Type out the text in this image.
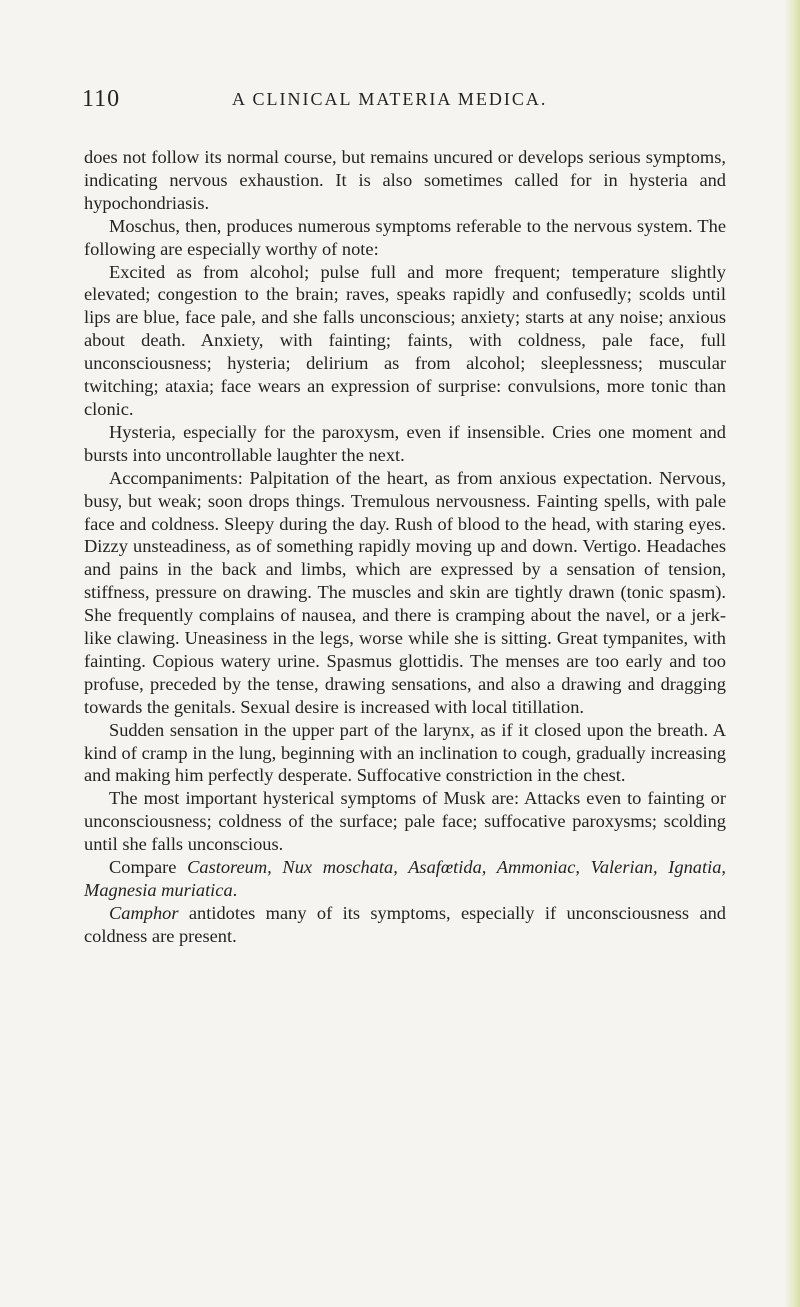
110	A CLINICAL MATERIA MEDICA.

does not follow its normal course, but remains uncured or develops serious symptoms, indicating nervous exhaustion. It is also sometimes called for in hysteria and hypochondriasis.

Moschus, then, produces numerous symptoms referable to the nervous system. The following are especially worthy of note:

Excited as from alcohol; pulse full and more frequent; temperature slightly elevated; congestion to the brain; raves, speaks rapidly and confusedly; scolds until lips are blue, face pale, and she falls unconscious; anxiety; starts at any noise; anxious about death. Anxiety, with fainting; faints, with coldness, pale face, full unconsciousness; hysteria; delirium as from alcohol; sleeplessness; muscular twitching; ataxia; face wears an expression of surprise: convulsions, more tonic than clonic.

Hysteria, especially for the paroxysm, even if insensible. Cries one moment and bursts into uncontrollable laughter the next.

Accompaniments: Palpitation of the heart, as from anxious expectation. Nervous, busy, but weak; soon drops things. Tremulous nervousness. Fainting spells, with pale face and coldness. Sleepy during the day. Rush of blood to the head, with staring eyes. Dizzy unsteadiness, as of something rapidly moving up and down. Vertigo. Headaches and pains in the back and limbs, which are expressed by a sensation of tension, stiffness, pressure on drawing. The muscles and skin are tightly drawn (tonic spasm). She frequently complains of nausea, and there is cramping about the navel, or a jerk-like clawing. Uneasiness in the legs, worse while she is sitting. Great tympanites, with fainting. Copious watery urine. Spasmus glottidis. The menses are too early and too profuse, preceded by the tense, drawing sensations, and also a drawing and dragging towards the genitals. Sexual desire is increased with local titillation.

Sudden sensation in the upper part of the larynx, as if it closed upon the breath. A kind of cramp in the lung, beginning with an inclination to cough, gradually increasing and making him perfectly desperate. Suffocative constriction in the chest.

The most important hysterical symptoms of Musk are: Attacks even to fainting or unconsciousness; coldness of the surface; pale face; suffocative paroxysms; scolding until she falls unconscious.

Compare Castoreum, Nux moschata, Asafœtida, Ammoniac, Valerian, Ignatia, Magnesia muriatica.

Camphor antidotes many of its symptoms, especially if unconsciousness and coldness are present.
